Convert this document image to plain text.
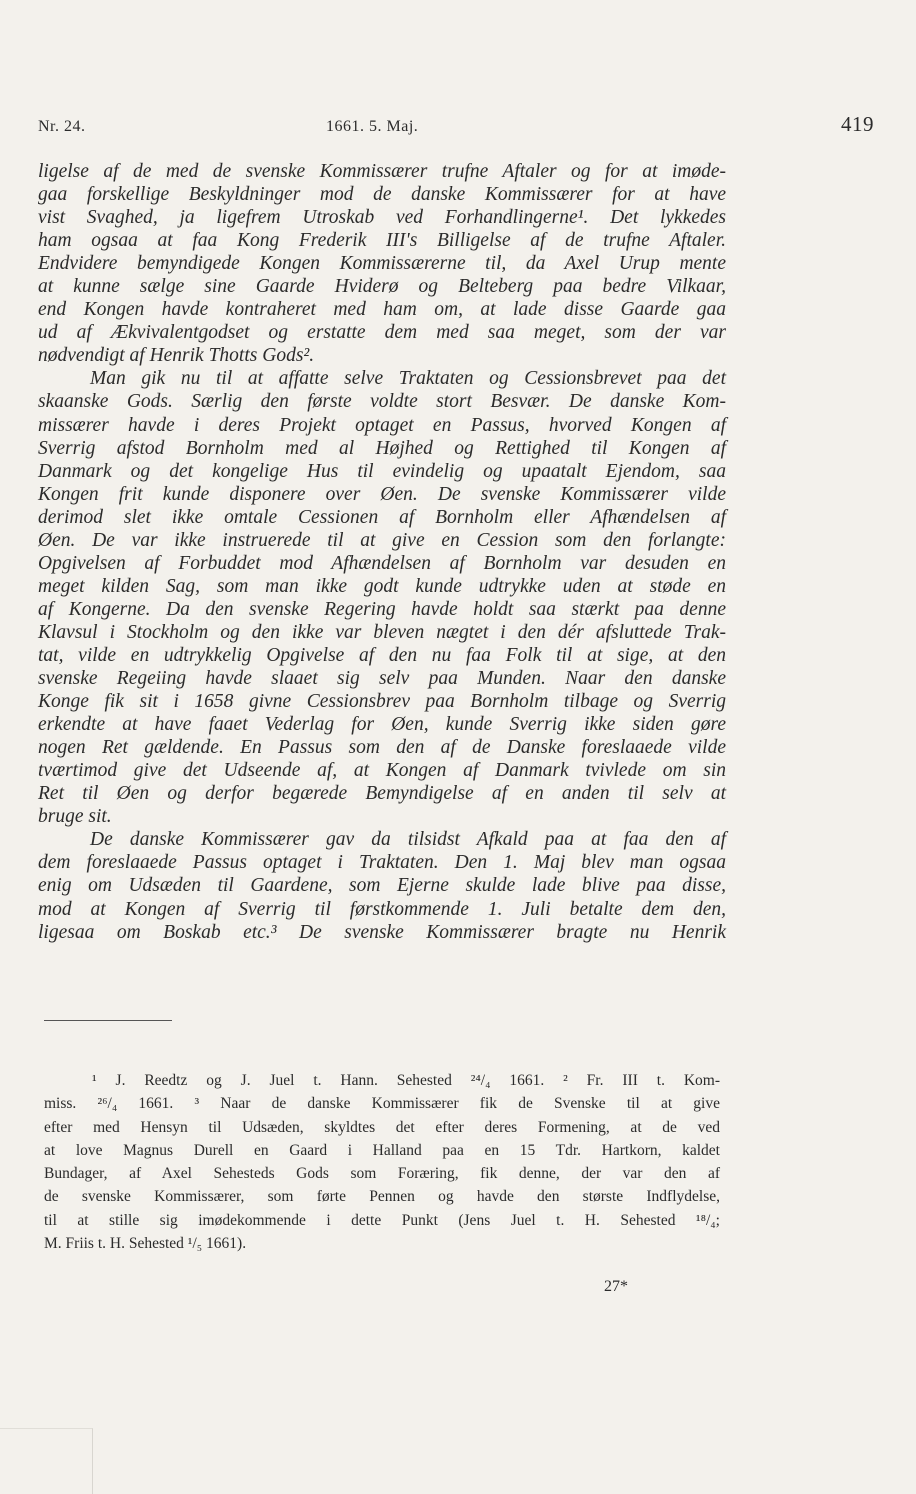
Nr. 24.	1661. 5. Maj.	419
ligelse af de med de svenske Kommissærer trufne Aftaler og for at imøde-
gaa forskellige Beskyldninger mod de danske Kommissærer for at have
vist Svaghed, ja ligefrem Utroskab ved Forhandlingerne¹. Det lykkedes
ham ogsaa at faa Kong Frederik III's Billigelse af de trufne Aftaler.
Endvidere bemyndigede Kongen Kommissærerne til, da Axel Urup mente
at kunne sælge sine Gaarde Hviderø og Belteberg paa bedre Vilkaar,
end Kongen havde kontraheret med ham om, at lade disse Gaarde gaa
ud af Ækvivalentgodset og erstatte dem med saa meget, som der var
nødvendigt af Henrik Thotts Gods².
Man gik nu til at affatte selve Traktaten og Cessionsbrevet paa det
skaanske Gods. Særlig den første voldte stort Besvær. De danske Kom-
missærer havde i deres Projekt optaget en Passus, hvorved Kongen af
Sverrig afstod Bornholm med al Højhed og Rettighed til Kongen af
Danmark og det kongelige Hus til evindelig og upaatalt Ejendom, saa
Kongen frit kunde disponere over Øen. De svenske Kommissærer vilde
derimod slet ikke omtale Cessionen af Bornholm eller Afhændelsen af
Øen. De var ikke instruerede til at give en Cession som den forlangte:
Opgivelsen af Forbuddet mod Afhændelsen af Bornholm var desuden en
meget kilden Sag, som man ikke godt kunde udtrykke uden at støde en
af Kongerne. Da den svenske Regering havde holdt saa stærkt paa denne
Klavsul i Stockholm og den ikke var bleven nægtet i den dér afsluttede Trak-
tat, vilde en udtrykkelig Opgivelse af den nu faa Folk til at sige, at den
svenske Regeiing havde slaaet sig selv paa Munden. Naar den danske
Konge fik sit i 1658 givne Cessionsbrev paa Bornholm tilbage og Sverrig
erkendte at have faaet Vederlag for Øen, kunde Sverrig ikke siden gøre
nogen Ret gældende. En Passus som den af de Danske foreslaaede vilde
tværtimod give det Udseende af, at Kongen af Danmark tvivlede om sin
Ret til Øen og derfor begærede Bemyndigelse af en anden til selv at
bruge sit.
De danske Kommissærer gav da tilsidst Afkald paa at faa den af
dem foreslaaede Passus optaget i Traktaten. Den 1. Maj blev man ogsaa
enig om Udsæden til Gaardene, som Ejerne skulde lade blive paa disse,
mod at Kongen af Sverrig til førstkommende 1. Juli betalte dem den,
ligesaa om Boskab etc.³ De svenske Kommissærer bragte nu Henrik
¹ J. Reedtz og J. Juel t. Hann. Sehested ²⁴/₄ 1661. ² Fr. III t. Kom-
miss. ²⁶/₄ 1661. ³ Naar de danske Kommissærer fik de Svenske til at give
efter med Hensyn til Udsæden, skyldtes det efter deres Formening, at de ved
at love Magnus Durell en Gaard i Halland paa en 15 Tdr. Hartkorn, kaldet
Bundager, af Axel Sehesteds Gods som Foræring, fik denne, der var den af
de svenske Kommissærer, som førte Pennen og havde den største Indflydelse,
til at stille sig imødekommende i dette Punkt (Jens Juel t. H. Sehested ¹⁸/₄;
M. Friis t. H. Sehested ¹/₅ 1661).
27*
